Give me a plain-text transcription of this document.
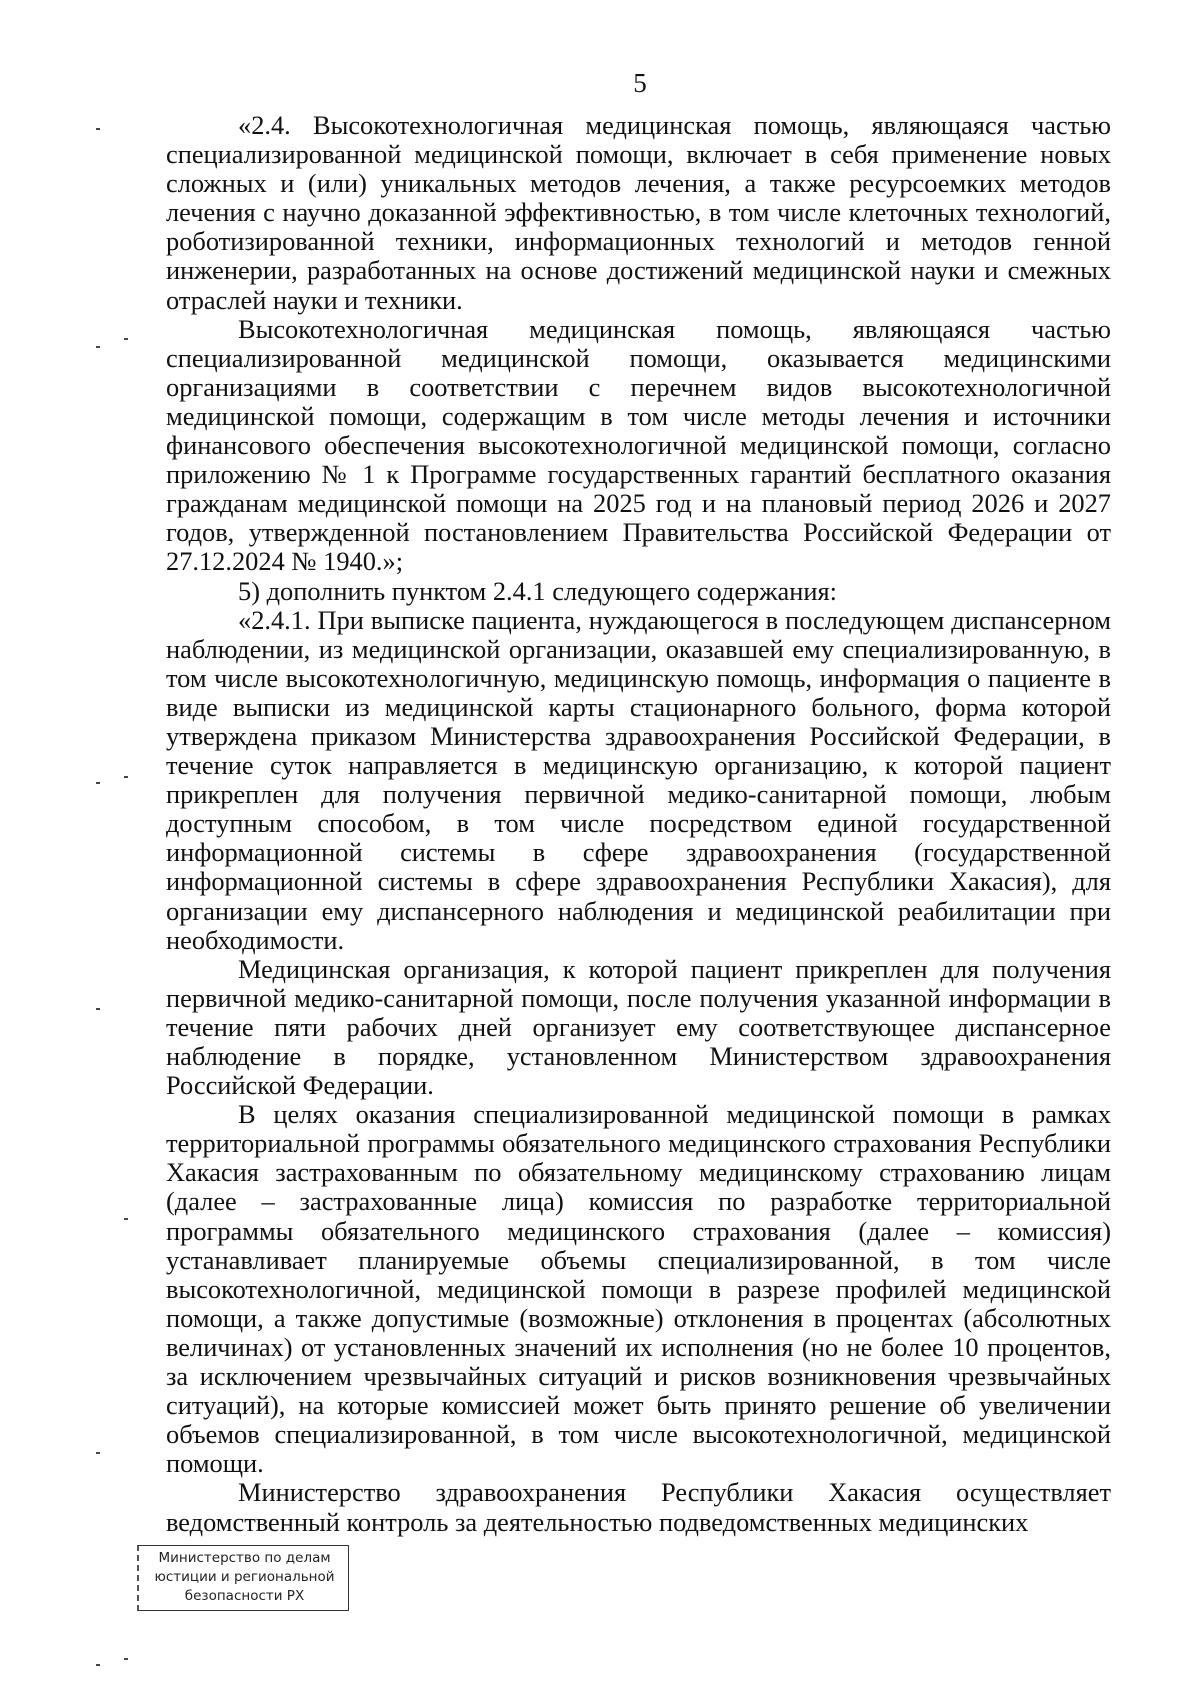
5

«2.4. Высокотехнологичная медицинская помощь, являющаяся частью специализированной медицинской помощи, включает в себя применение новых сложных и (или) уникальных методов лечения, а также ресурсоемких методов лечения с научно доказанной эффективностью, в том числе клеточных технологий, роботизированной техники, информационных технологий и методов генной инженерии, разработанных на основе достижений медицинской науки и смежных отраслей науки и техники.

Высокотехнологичная медицинская помощь, являющаяся частью специализированной медицинской помощи, оказывается медицинскими организациями в соответствии с перечнем видов высокотехнологичной медицинской помощи, содержащим в том числе методы лечения и источники финансового обеспечения высокотехнологичной медицинской помощи, согласно приложению № 1 к Программе государственных гарантий бесплатного оказания гражданам медицинской помощи на 2025 год и на плановый период 2026 и 2027 годов, утвержденной постановлением Правительства Российской Федерации от 27.12.2024 № 1940.»;

5) дополнить пунктом 2.4.1 следующего содержания:

«2.4.1. При выписке пациента, нуждающегося в последующем диспансерном наблюдении, из медицинской организации, оказавшей ему специализированную, в том числе высокотехнологичную, медицинскую помощь, информация о пациенте в виде выписки из медицинской карты стационарного больного, форма которой утверждена приказом Министерства здравоохранения Российской Федерации, в течение суток направляется в медицинскую организацию, к которой пациент прикреплен для получения первичной медико-санитарной помощи, любым доступным способом, в том числе посредством единой государственной информационной системы в сфере здравоохранения (государственной информационной системы в сфере здравоохранения Республики Хакасия), для организации ему диспансерного наблюдения и медицинской реабилитации при необходимости.

Медицинская организация, к которой пациент прикреплен для получения первичной медико-санитарной помощи, после получения указанной информации в течение пяти рабочих дней организует ему соответствующее диспансерное наблюдение в порядке, установленном Министерством здравоохранения Российской Федерации.

В целях оказания специализированной медицинской помощи в рамках территориальной программы обязательного медицинского страхования Республики Хакасия застрахованным по обязательному медицинскому страхованию лицам (далее – застрахованные лица) комиссия по разработке территориальной программы обязательного медицинского страхования (далее – комиссия) устанавливает планируемые объемы специализированной, в том числе высокотехнологичной, медицинской помощи в разрезе профилей медицинской помощи, а также допустимые (возможные) отклонения в процентах (абсолютных величинах) от установленных значений их исполнения (но не более 10 процентов, за исключением чрезвычайных ситуаций и рисков возникновения чрезвычайных ситуаций), на которые комиссией может быть принято решение об увеличении объемов специализированной, в том числе высокотехнологичной, медицинской помощи.

Министерство здравоохранения Республики Хакасия осуществляет ведомственный контроль за деятельностью подведомственных медицинских

Министерство по делам
юстиции и региональной
безопасности РХ
